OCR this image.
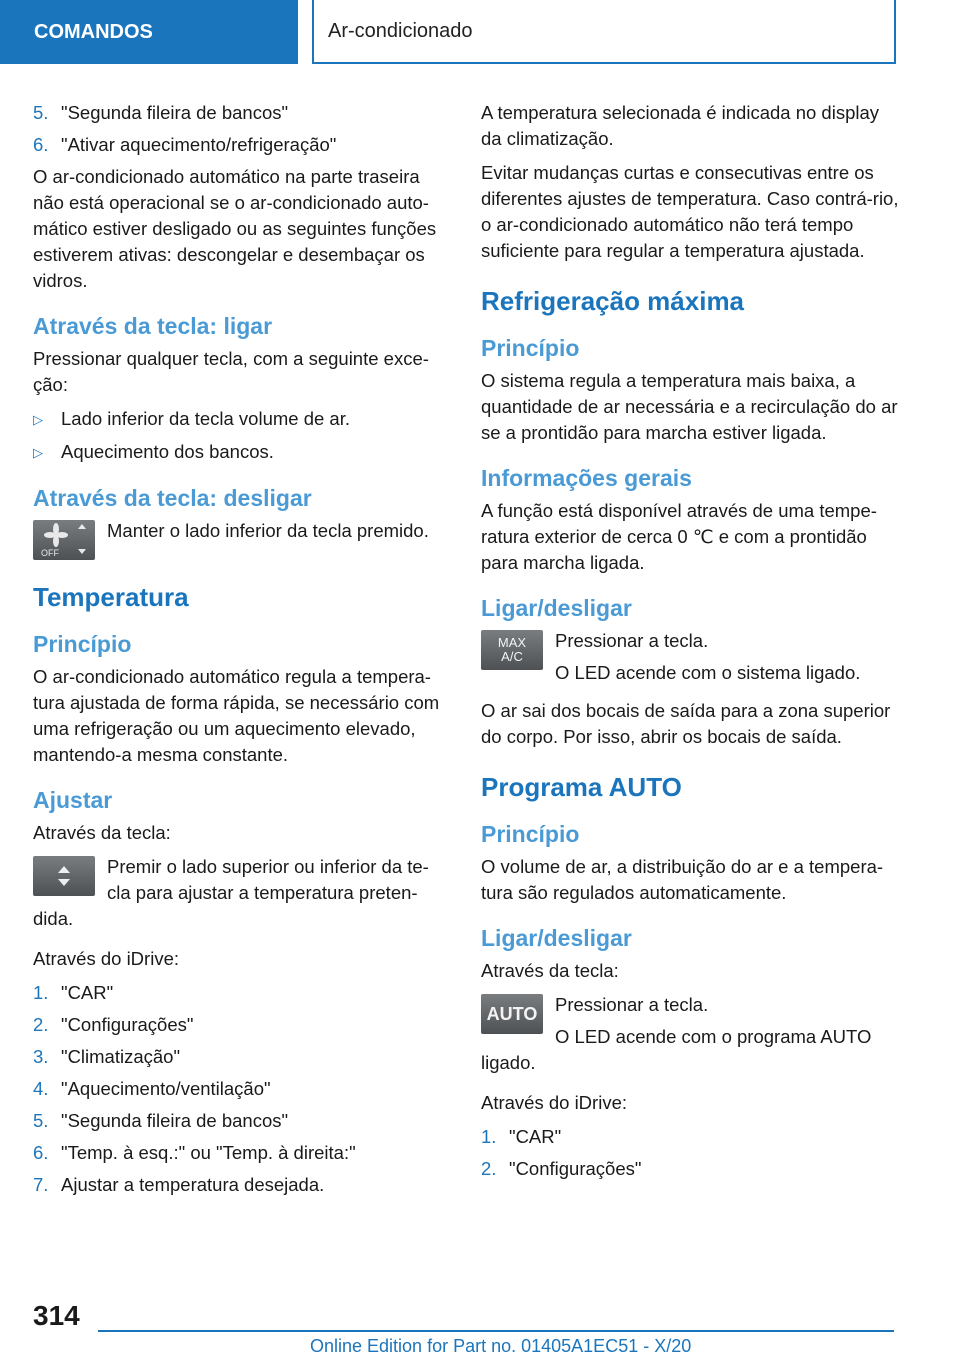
COMANDOS	Ar-condicionado
5. "Segunda fileira de bancos"
6. "Ativar aquecimento/refrigeração"

O ar-condicionado automático na parte traseira não está operacional se o ar-condicionado auto‐mático estiver desligado ou as seguintes funções estiverem ativas: descongelar e desembaçar os vidros.

Através da tecla: ligar

Pressionar qualquer tecla, com a seguinte exce‐ção:

▷ Lado inferior da tecla volume de ar.
▷ Aquecimento dos bancos.
Através da tecla: desligar
OFF
Manter o lado inferior da tecla premido.
Temperatura
Princípio

O ar-condicionado automático regula a tempera‐tura ajustada de forma rápida, se necessário com uma refrigeração ou um aquecimento elevado, mantendo-a mesma constante.

Ajustar

Através da tecla:

Premir o lado superior ou inferior da te‐cla para ajustar a temperatura preten‐

dida.

Através do iDrive:

1. "CAR"
2. "Configurações"
3. "Climatização"
4. "Aquecimento/ventilação"
5. "Segunda fileira de bancos"
6. "Temp. à esq.:" ou "Temp. à direita:"
7. Ajustar a temperatura desejada.

A temperatura selecionada é indicada no display da climatização.

Evitar mudanças curtas e consecutivas entre os diferentes ajustes de temperatura. Caso contrá‐rio, o ar-condicionado automático não terá tempo suficiente para regular a temperatura ajustada.

Refrigeração máxima
Princípio

O sistema regula a temperatura mais baixa, a quantidade de ar necessária e a recirculação do ar se a prontidão para marcha estiver ligada.

Informações gerais

A função está disponível através de uma tempe‐ratura exterior de cerca 0 ℃ e com a prontidão para marcha ligada.

Ligar/desligar
MAX
A/C
Pressionar a tecla.
O LED acende com o sistema ligado.

O ar sai dos bocais de saída para a zona superior do corpo. Por isso, abrir os bocais de saída.

Programa AUTO
Princípio

O volume de ar, a distribuição do ar e a tempera‐tura são regulados automaticamente.

Ligar/desligar

Através da tecla:

AUTO Pressionar a tecla.
O LED acende com o programa AUTO

ligado.

Através do iDrive:

1. "CAR"
2. "Configurações"
314
Online Edition for Part no. 01405A1EC51 - X/20
